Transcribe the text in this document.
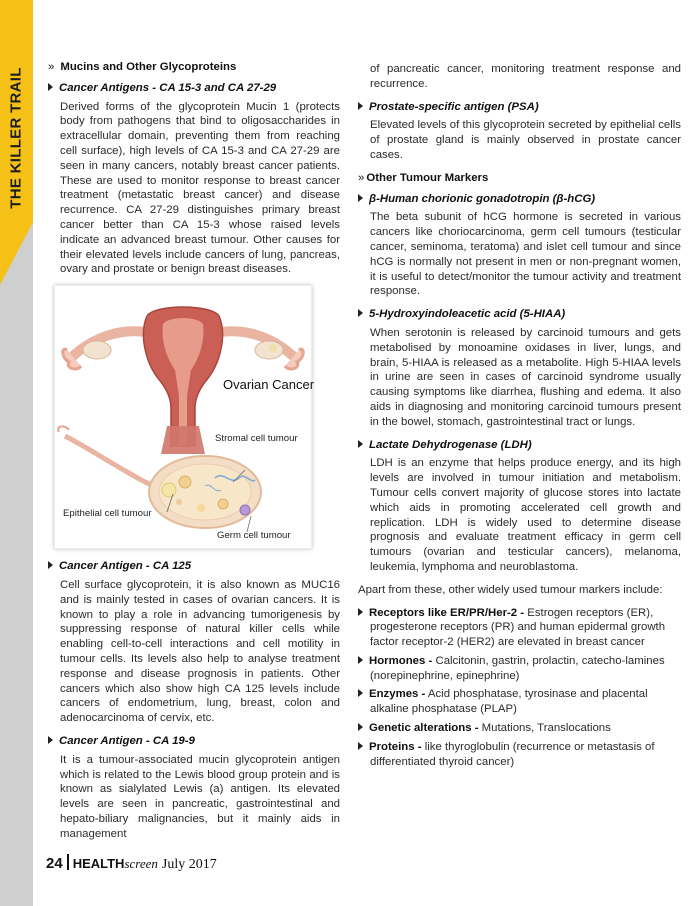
THE KILLER TRAIL
» Mucins and Other Glycoproteins
Cancer Antigens - CA 15-3 and CA 27-29
Derived forms of the glycoprotein Mucin 1 (protects body from pathogens that bind to oligosaccharides in extracellular domain, preventing them from reaching cell surface), high levels of CA 15-3 and CA 27-29 are seen in many cancers, notably breast cancer patients. These are used to monitor response to breast cancer treatment (metastatic breast cancer) and disease recurrence. CA 27-29 distinguishes primary breast cancer better than CA 15-3 whose raised levels indicate an advanced breast tumour. Other causes for their elevated levels include cancers of lung, pancreas, ovary and prostate or benign breast diseases.
Ovarian Cancer
Stromal cell tumour
Epithelial cell tumour
Germ cell tumour
Cancer Antigen - CA 125
Cell surface glycoprotein, it is also known as MUC16 and is mainly tested in cases of ovarian cancers. It is known to play a role in advancing tumorigenesis by suppressing response of natural killer cells while enabling cell-to-cell interactions and cell motility in tumour cells. Its levels also help to analyse treatment response and disease prognosis in patients. Other cancers which also show high CA 125 levels include cancers of endometrium, lung, breast, colon and adenocarcinoma of cervix, etc.
Cancer Antigen - CA 19-9
It is a tumour-associated mucin glycoprotein antigen which is related to the Lewis blood group protein and is known as sialylated Lewis (a) antigen. Its elevated levels are seen in pancreatic, gastrointestinal and hepato-biliary malignancies, but it mainly aids in management
of pancreatic cancer, monitoring treatment response and recurrence.
Prostate-specific antigen (PSA)
Elevated levels of this glycoprotein secreted by epithelial cells of prostate gland is mainly observed in prostate cancer cases.
» Other Tumour Markers
β-Human chorionic gonadotropin (β-hCG)
The beta subunit of hCG hormone is secreted in various cancers like choriocarcinoma, germ cell tumours (testicular cancer, seminoma, teratoma) and islet cell tumour and since hCG is normally not present in men or non-pregnant women, it is useful to detect/monitor the tumour activity and treatment response.
5-Hydroxyindoleacetic acid (5-HIAA)
When serotonin is released by carcinoid tumours and gets metabolised by monoamine oxidases in liver, lungs, and brain, 5-HIAA is released as a metabolite. High 5-HIAA levels in urine are seen in cases of carcinoid syndrome usually causing symptoms like diarrhea, flushing and edema. It also aids in diagnosing and monitoring carcinoid tumours present in the bowel, stomach, gastrointestinal tract or lungs.
Lactate Dehydrogenase (LDH)
LDH is an enzyme that helps produce energy, and its high levels are involved in tumour initiation and metabolism. Tumour cells convert majority of glucose stores into lactate which aids in promoting accelerated cell growth and replication. LDH is widely used to determine disease prognosis and evaluate treatment efficacy in germ cell tumours (ovarian and testicular cancers), melanoma, leukemia, lymphoma and neuroblastoma.
Apart from these, other widely used tumour markers include:
Receptors like ER/PR/Her-2 - Estrogen receptors (ER), progesterone receptors (PR) and human epidermal growth factor receptor-2 (HER2) are elevated in breast cancer
Hormones - Calcitonin, gastrin, prolactin, catecho-lamines (norepinephrine, epinephrine)
Enzymes - Acid phosphatase, tyrosinase and placental alkaline phosphatase (PLAP)
Genetic alterations - Mutations, Translocations
Proteins - like thyroglobulin (recurrence or metastasis of differentiated thyroid cancer)
24 HEALTHscreen July 2017
